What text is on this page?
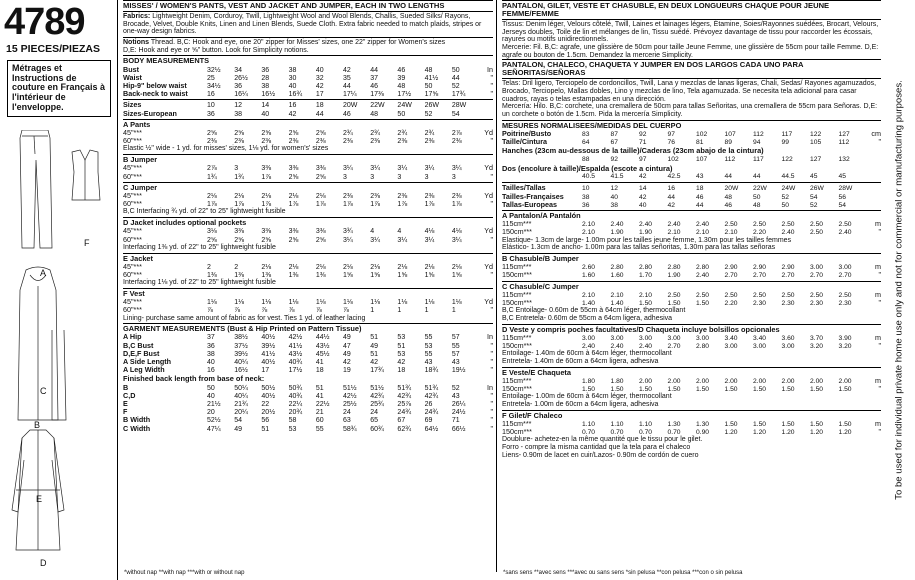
4789
15 PIECES/PIEZAS
Métrages et Instructions de couture en Français à l'intérieur de l'enveloppe.
A
F
B
C
E
D
MISSES' / WOMEN'S PANTS, VEST AND JACKET AND JUMPER, EACH IN TWO LENGTHS
Fabrics: Lightweight Denim, Corduroy, Twill, Lightweight Wool and Wool Blends, Challis, Sueded Silks/ Rayons, Brocade, Velvet, Double Knits, Linen and Linen Blends, Suede Cloth. Extra fabric needed to match plaids, stripes or one-way design fabrics.
Notions Thread. B,C: Hook and eye, one 20" zipper for Misses' sizes, one 22" zipper for Women's sizes
D,E: Hook and eye or ⅝" button. Look for Simplicity notions.
BODY MEASUREMENTS
Bust	32½	34	36	38	40	42	44	46	48	50	In
Waist	25	26½	28	30	32	35	37	39	41½	44	"
Hip-9" below waist	34½	36	38	40	42	44	46	48	50	52	"
Back-neck to waist	16	16¼	16½	16¾	17	17¼	17⅜	17½	17⅝	17¾	"
Sizes	10	12	14	16	18	20W	22W	24W	26W	28W
Sizes-European	36	38	40	42	44	46	48	50	52	54
A Pants
45"***	2⅝	2⅝	2⅝	2⅝	2⅝	2¾	2¾	2¾	2¾	2⅞	Yd
60"***	2⅜	2⅜	2⅜	2⅜	2⅜	2⅜	2⅜	2⅜	2⅜	2⅜	"
Elastic ½" wide - 1 yd. for misses' sizes, 1⅛ yd. for women's' sizes
B Jumper
45"***	2⅞	3	3⅜	3⅜	3⅜	3¼	3¼	3¼	3¼	3¼	Yd
60"***	1¾	1¾	1⅞	2⅝	2⅝	3	3	3	3	3	"
C Jumper
45"***	2⅛	2⅛	2⅛	2⅛	2⅛	2⅜	2⅜	2⅜	2⅜	2⅜	Yd
60"***	1⅞	1⅞	1⅞	1⅞	1⅞	1⅞	1⅞	1⅞	1⅞	1⅞	"
B,C Interfacing ¾ yd. of 22" to 25" lightweight fusible
D Jacket includes optional pockets
45"***	3⅛	3⅜	3⅜	3⅜	3⅜	3¾	4	4	4⅛	4⅛	Yd
60"***	2⅝	2⅝	2⅝	2⅝	2⅝	3¼	3¼	3¼	3¼	3¼	"
Interfacing 1⅜ yd. of 22" to 25" lightweight fusible
E Jacket
45"***	2	2	2⅛	2⅛	2⅛	2⅛	2⅛	2⅛	2⅛	2⅛	Yd
60"***	1⅜	1⅜	1⅜	1⅜	1⅜	1⅝	1⅝	1⅝	1⅝	1⅝	"
Interfacing 1⅛ yd. of 22" to 25" lightweight fusible
F Vest
45"***	1⅛	1⅛	1⅛	1⅛	1⅛	1⅛	1⅛	1⅛	1⅛	1⅛	Yd
60"***	⅞	⅞	⅞	⅞	⅞	⅞	1	1	1	1	"
Lining- purchase same amount of fabric as for vest. Ties 1 yd. of leather lacing
GARMENT MEASUREMENTS (Bust & Hip Printed on Pattern Tissue)
A Hip	37	38½	40½	42½	44½	49	51	53	55	57	In
B,C Bust	36	37½	39½	41½	43½	47	49	51	53	55	"
D,E,F Bust	38	39½	41½	43½	45½	49	51	53	55	57	"
A Side Length	40	40¼	40½	40¾	41	42	42	42	43	43	"
A Leg Width	16	16½	17	17½	18	19	17¾	18	18¾	19½	"
Finished back length from base of neck:
B	50	50¼	50½	50¾	51	51½	51½	51¾	51¾	52	In
C,D	40	40¼	40½	40¾	41	42½	42¾	42¾	42¾	43	"
E	21½	21¾	22	22¼	22½	25½	25¾	25⅞	26	26¼	"
F	20	20¼	20½	20¾	21	24	24	24¾	24¾	24½	"
B Width	52½	54	56	58	60	63	65	67	69	71	"
C Width	47¼	49	51	53	55	58¾	60¾	62¾	64½	66½	"
*without nap **with nap ***with or without nap
PANTALON, GILET, VESTE ET CHASUBLE, EN DEUX LONGUEURS CHAQUE POUR JEUNE FEMME/FEMME
Tissus: Denim léger, Velours côtelé, Twill, Laines et lainages légers, Étamine, Soies/Rayonnes suédées, Brocart, Velours, Jerseys doubles, Toile de lin et mélanges de lin, Tissu suédé. Prévoyez davantage de tissu pour raccorder les écossais, rayures ou motifs unidirectionnels.
Mercerie: Fil. B,C: agrafe, une glissière de 50cm pour taille Jeune Femme, une glissière de 55cm pour taille Femme. D,E: agrafe ou bouton de 1.5cm. Demandez la mercerie Simplicity.
PANTALON, CHALECO, CHAQUETA Y JUMPER EN DOS LARGOS CADA UNO PARA SEÑORITAS/SEÑORAS
Telas: Dril ligero, Terciopelo de cordoncillos, Twill, Lana y mezclas de lanas ligeras, Chali, Sedas/ Rayones agamuzados, Brocado, Terciopelo, Mallas dobles, Lino y mezclas de lino, Tela agamuzada. Se necesita tela adicional para casar cuadros, rayas o telas estampadas en una dirección.
Mercería: Hilo. B,C: corchete, una cremallera de 50cm para tallas Señoritas, una cremallera de 55cm para Señoras. D,E: un corchete o botón de 1.5cm. Pida la mercería Simplicity.
MESURES NORMALISEES/MEDIDAS DEL CUERPO
Poitrine/Busto	83	87	92	97	102	107	112	117	122	127	cm
Taille/Cintura	64	67	71	76	81	89	94	99	105	112	"
Hanches (23cm au-dessous de la taille)/Caderas (23cm abajo de la cintura)
88	92	97	102	107	112	117	122	127	132
Dos (encolure à taille)/Espalda (escote a cintura)
40.5	41.5	42	42.5	43	44	44	44.5	45	45
Tailles/Tallas	10	12	14	16	18	20W	22W	24W	26W	28W
Tailles-Françaises	38	40	42	44	46	48	50	52	54	56
Tallas-Europeas	36	38	40	42	44	46	48	50	52	54
A Pantalon/A Pantalón
115cm***	2.10	2.40	2.40	2.40	2.40	2.50	2.50	2.50	2.50	2.50	m
150cm***	2.10	1.90	1.90	2.10	2.10	2.10	2.20	2.40	2.50	2.40	"
Elastique- 1.3cm de large- 1.00m pour les tailles jeune femme, 1.30m pour les tailles femmes
Elástico- 1.3cm de ancho- 1.00m para las tallas señoritas, 1.30m para las tallas señoras
B Chasuble/B Jumper
115cm***	2.60	2.80	2.80	2.80	2.80	2.90	2.90	2.90	3.00	3.00	m
150cm***	1.60	1.60	1.70	1.90	2.40	2.70	2.70	2.70	2.70	2.70	"
C Chasuble/C Jumper
115cm***	2.10	2.10	2.10	2.50	2.50	2.50	2.50	2.50	2.50	2.50	m
150cm***	1.40	1.40	1.50	1.50	1.50	2.20	2.30	2.30	2.30	2.30	"
B,C Entoilage- 0.60m de 55cm à 64cm léger, thermocollant
B,C Entretela- 0.60m de 55cm a 64cm ligera, adhesiva
D Veste y compris poches facultatives/D Chaqueta incluye bolsillos opcionales
115cm***	3.00	3.00	3.00	3.00	3.00	3.40	3.40	3.60	3.70	3.90	m
150cm***	2.40	2.40	2.40	2.70	2.80	3.00	3.00	3.00	3.20	3.20	"
Entoilage- 1.40m de 60cm à 64cm léger, thermocollant
Entretela- 1.40m de 60cm a 64cm ligera, adhesiva
E Veste/E Chaqueta
115cm***	1.80	1.80	2.00	2.00	2.00	2.00	2.00	2.00	2.00	2.00	m
150cm***	1.50	1.50	1.50	1.50	1.50	1.50	1.50	1.50	1.50	1.50	"
Entoilage- 1.00m de 60cm à 64cm léger, thermocollant
Entretela- 1.00m de 60cm a 64cm ligera, adhesiva
F Gilet/F Chaleco
115cm***	1.10	1.10	1.10	1.30	1.30	1.50	1.50	1.50	1.50	1.50	m
150cm***	0.70	0.70	0.70	0.70	0.90	1.20	1.20	1.20	1.20	1.20	"
Doublure- achetez-en la même quantité que le tissu pour le gilet.
Forro - compre la misma cantidad que la tela para el chaleco
Liens- 0.90m de lacet en cuir/Lazos- 0.90m de cordón de cuero
*sans sens **avec sens ***avec ou sans sens *sin pelusa **con pelusa ***con o sin pelusa
To be used for individual private home use only and not for commercial or manufacturing purposes.
